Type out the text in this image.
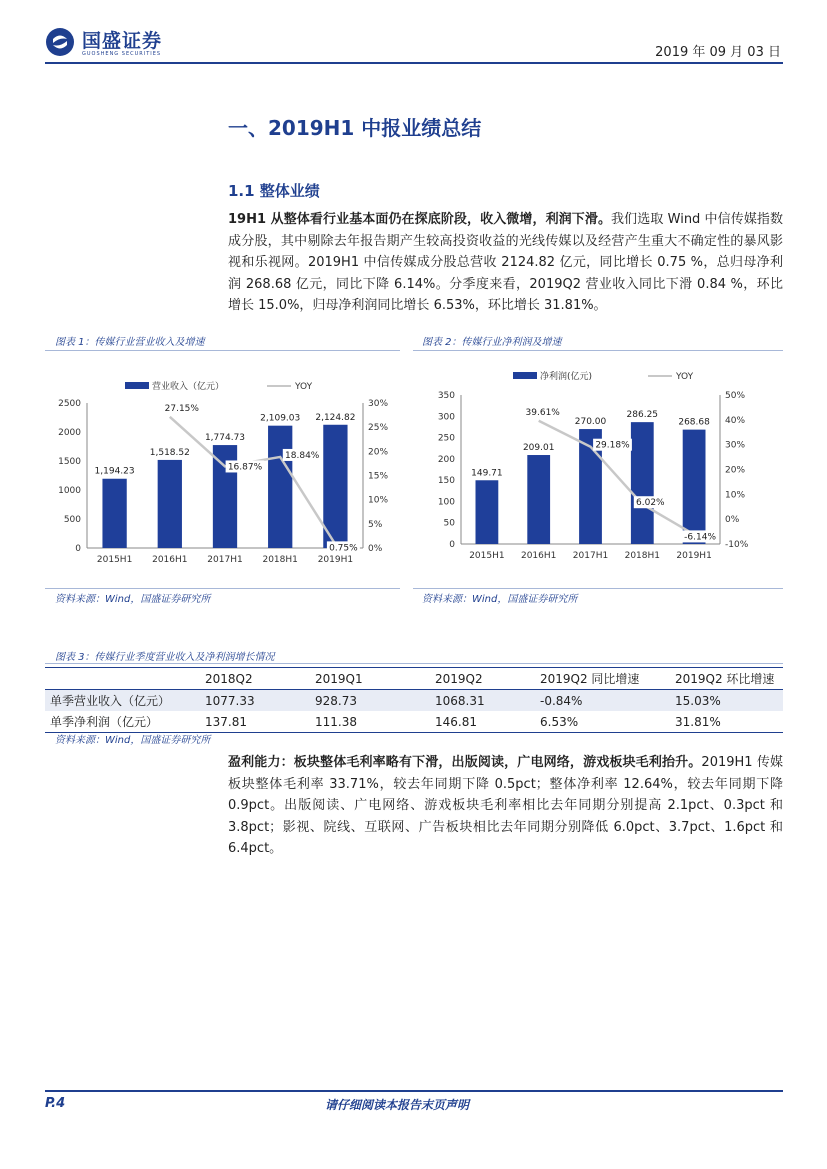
国盛证券
GUOSHENG SECURITIES	2019 年 09 月 03 日
一、2019H1 中报业绩总结
1.1 整体业绩
19H1 从整体看行业基本面仍在探底阶段，收入微增，利润下滑。我们选取 Wind 中信传媒指数成分股，其中剔除去年报告期产生较高投资收益的光线传媒以及经营产生重大不确定性的暴风影视和乐视网。2019H1 中信传媒成分股总营收 2124.82 亿元，同比增长 0.75 %，总归母净利润 268.68 亿元，同比下降 6.14%。分季度来看，2019Q2 营业收入同比下滑 0.84 %，环比增长 15.0%，归母净利润同比增长 6.53%，环比增长 31.81%。
图表 1：传媒行业营业收入及增速
营业收入（亿元）	YOY
0
500
1000
1500
2000
2500
0%
5%
10%
15%
20%
25%
30%
1,194.23
2015H1
1,518.52
2016H1
1,774.73
2017H1
2,109.03
2018H1
2,124.82
2019H1
27.15%
16.87%
18.84%
0.75%
资料来源：Wind，国盛证券研究所
图表 2：传媒行业净利润及增速
净利润(亿元)	YOY
0
50
100
150
200
250
300
350
-10%
0%
10%
20%
30%
40%
50%
149.71
2015H1
209.01
2016H1
270.00
2017H1
286.25
2018H1
268.68
2019H1
39.61%
29.18%
6.02%
-6.14%
资料来源：Wind，国盛证券研究所
图表 3：传媒行业季度营业收入及净利润增长情况
	2018Q2	2019Q1	2019Q2	2019Q2 同比增速	2019Q2 环比增速
单季营业收入（亿元）	1077.33	928.73	1068.31	-0.84%	15.03%
单季净利润（亿元）	137.81	111.38	146.81	6.53%	31.81%
资料来源：Wind，国盛证券研究所
盈利能力：板块整体毛利率略有下滑，出版阅读，广电网络，游戏板块毛利抬升。2019H1 传媒板块整体毛利率 33.71%，较去年同期下降 0.5pct；整体净利率 12.64%，较去年同期下降 0.9pct。出版阅读、广电网络、游戏板块毛利率相比去年同期分别提高 2.1pct、0.3pct 和 3.8pct；影视、院线、互联网、广告板块相比去年同期分别降低 6.0pct、3.7pct、1.6pct 和 6.4pct。
P.4	请仔细阅读本报告末页声明
